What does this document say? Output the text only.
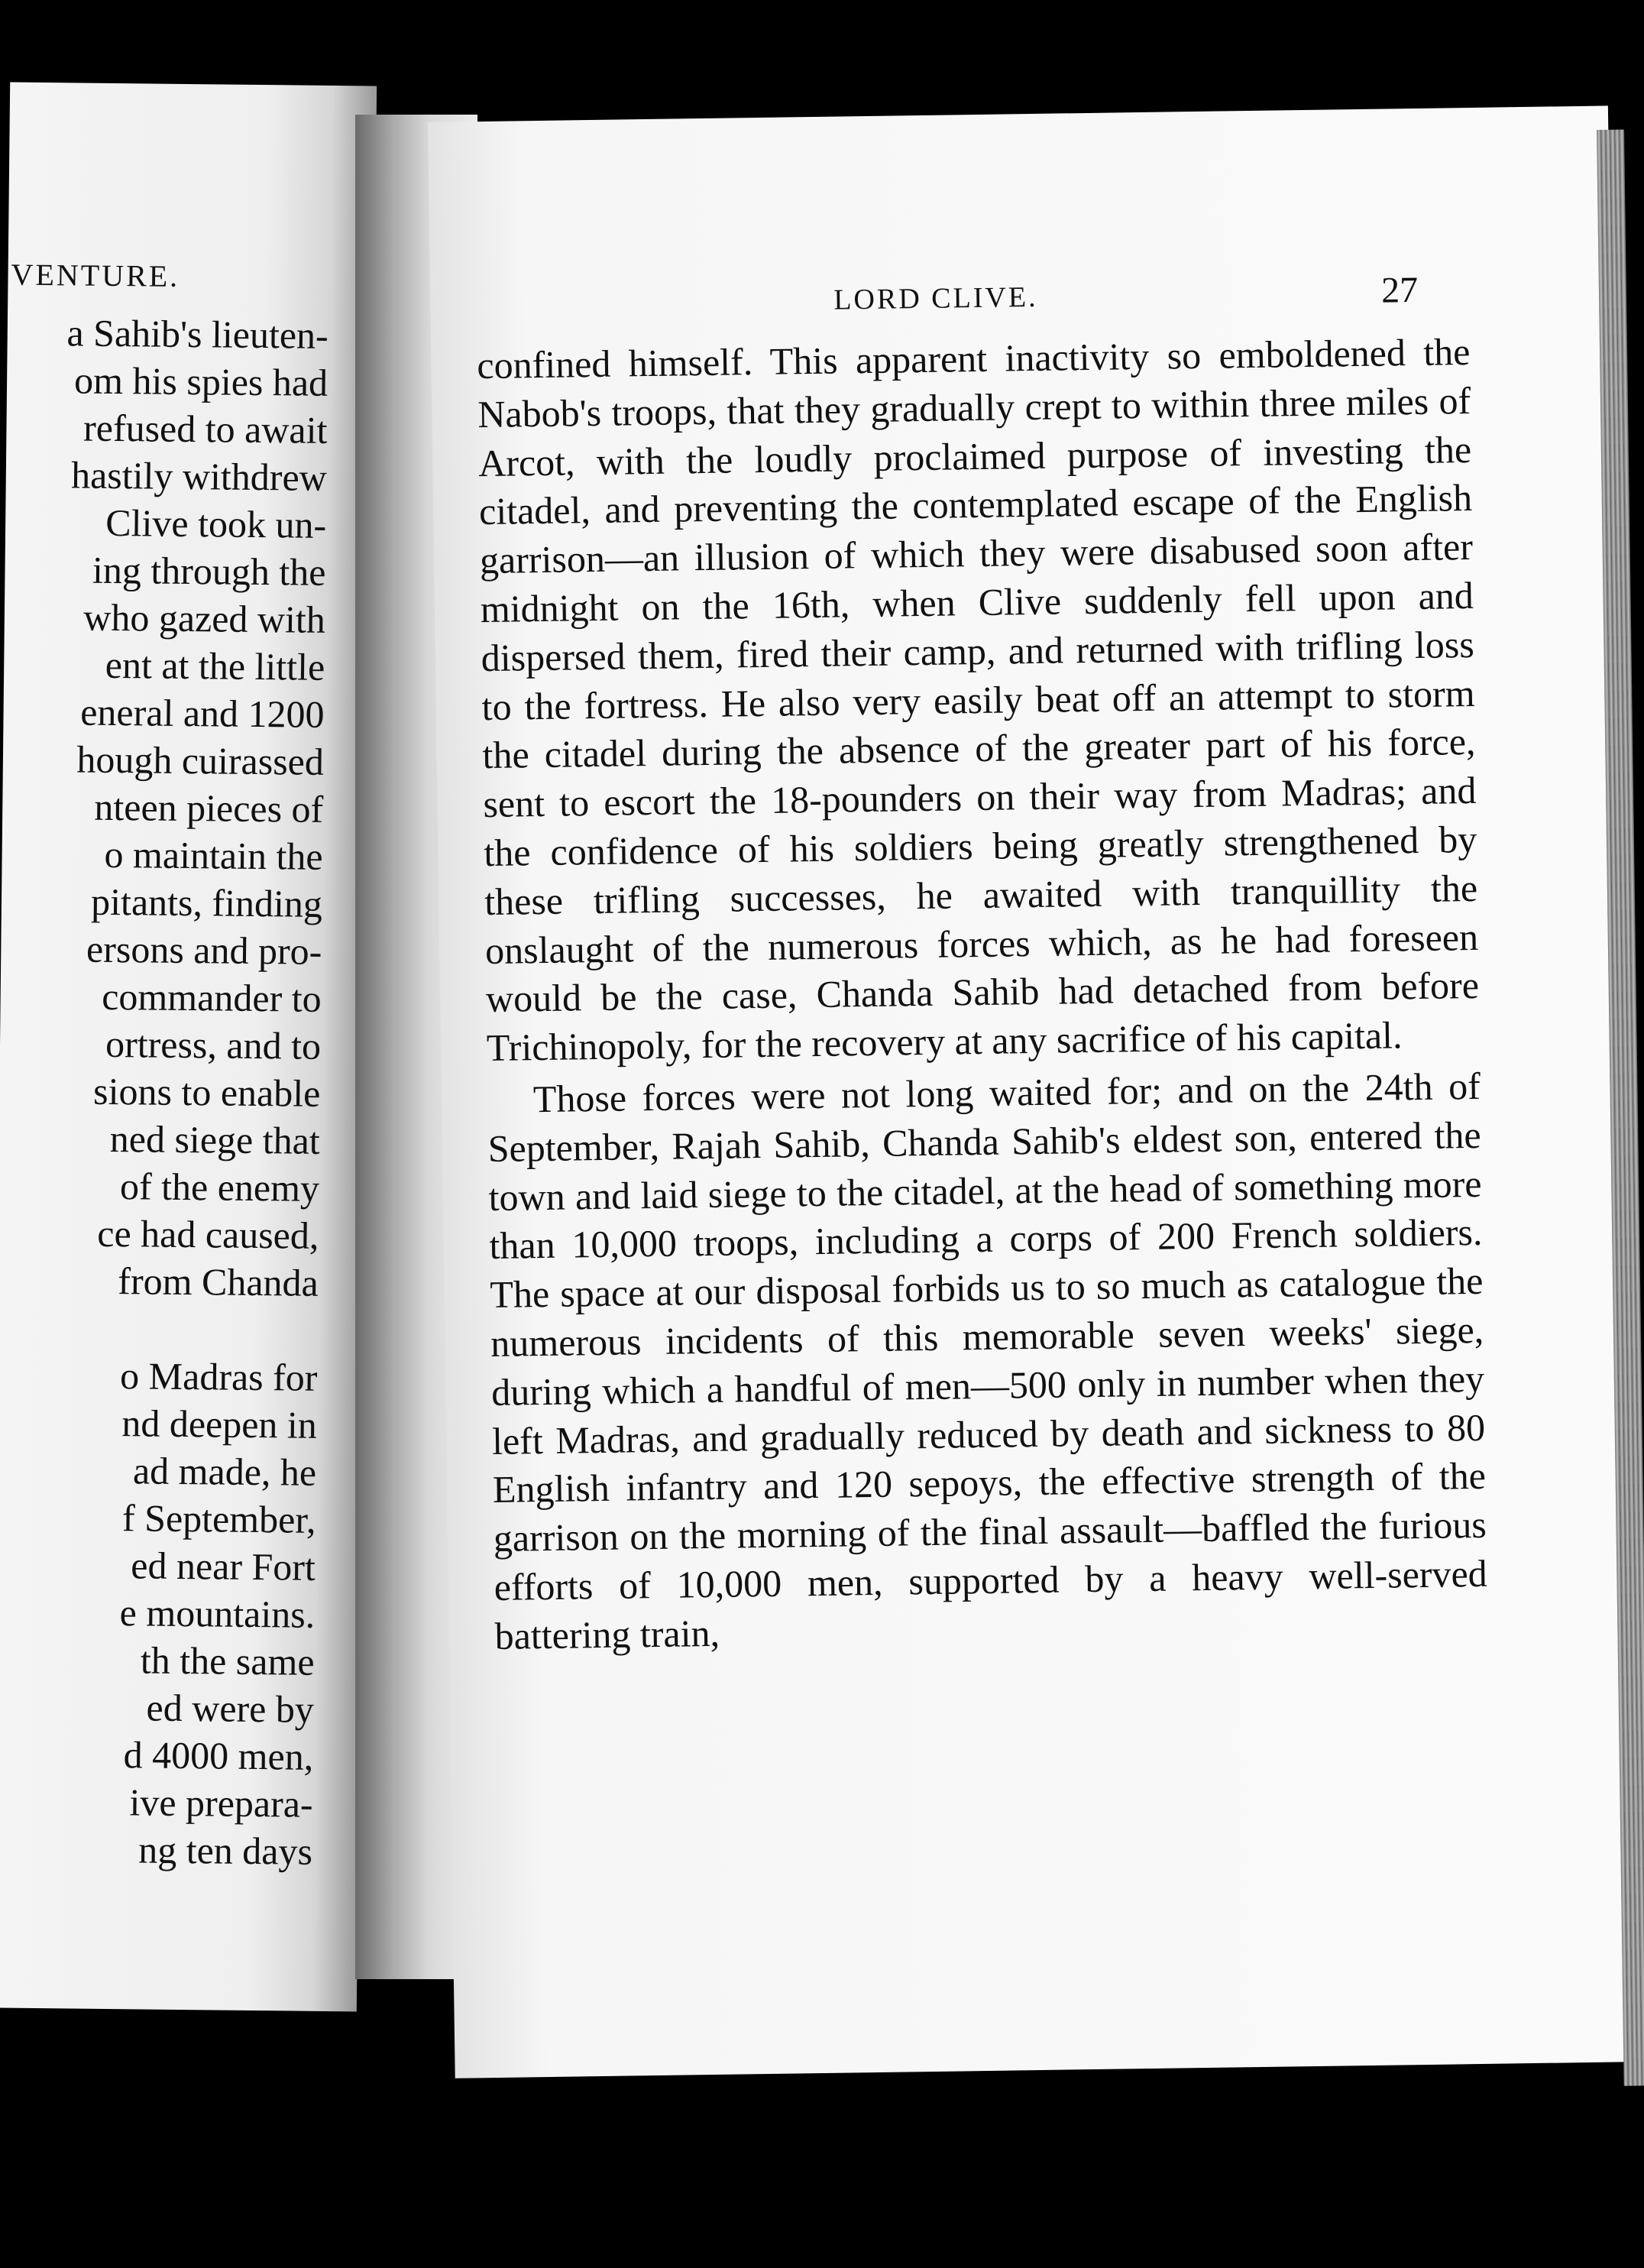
VENTURE.
a Sahib's lieuten-
om his spies had
refused to await
hastily withdrew
Clive took un-
ing through the
who gazed with
ent at the little
eneral and 1200
hough cuirassed
nteen pieces of
o maintain the
pitants, finding
ersons and pro-
commander to
ortress, and to
sions to enable
ned siege that
of the enemy
ce had caused,
from Chanda

o Madras for
nd deepen in
ad made, he
f September,
ed near Fort
e mountains.
th the same
ed were by
d 4000 men,
ive prepara-
ng ten days
LORD CLIVE.	27

confined himself. This apparent inactivity so emboldened the Nabob's troops, that they gradually crept to within three miles of Arcot, with the loudly proclaimed purpose of investing the citadel, and preventing the contemplated escape of the English garrison—an illusion of which they were disabused soon after midnight on the 16th, when Clive suddenly fell upon and dispersed them, fired their camp, and returned with trifling loss to the fortress. He also very easily beat off an attempt to storm the citadel during the absence of the greater part of his force, sent to escort the 18-pounders on their way from Madras; and the confidence of his soldiers being greatly strengthened by these trifling successes, he awaited with tranquillity the onslaught of the numerous forces which, as he had foreseen would be the case, Chanda Sahib had detached from before Trichinopoly, for the recovery at any sacrifice of his capital.

Those forces were not long waited for; and on the 24th of September, Rajah Sahib, Chanda Sahib's eldest son, entered the town and laid siege to the citadel, at the head of something more than 10,000 troops, including a corps of 200 French soldiers. The space at our disposal forbids us to so much as catalogue the numerous incidents of this memorable seven weeks' siege, during which a handful of men—500 only in number when they left Madras, and gradually reduced by death and sickness to 80 English infantry and 120 sepoys, the effective strength of the garrison on the morning of the final assault—baffled the furious efforts of 10,000 men, supported by a heavy well-served battering train,
